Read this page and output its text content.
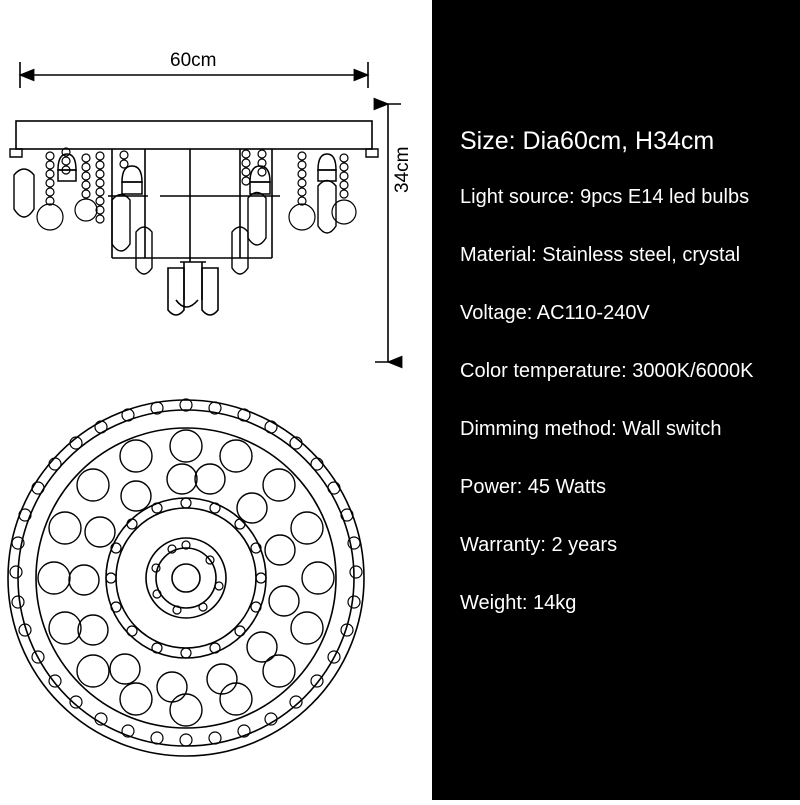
60cm
34cm
Size: Dia60cm, H34cm
Light source: 9pcs E14 led bulbs
Material: Stainless steel, crystal
Voltage: AC110-240V
Color temperature: 3000K/6000K
Dimming method: Wall switch
Power: 45 Watts
Warranty: 2 years
Weight: 14kg
